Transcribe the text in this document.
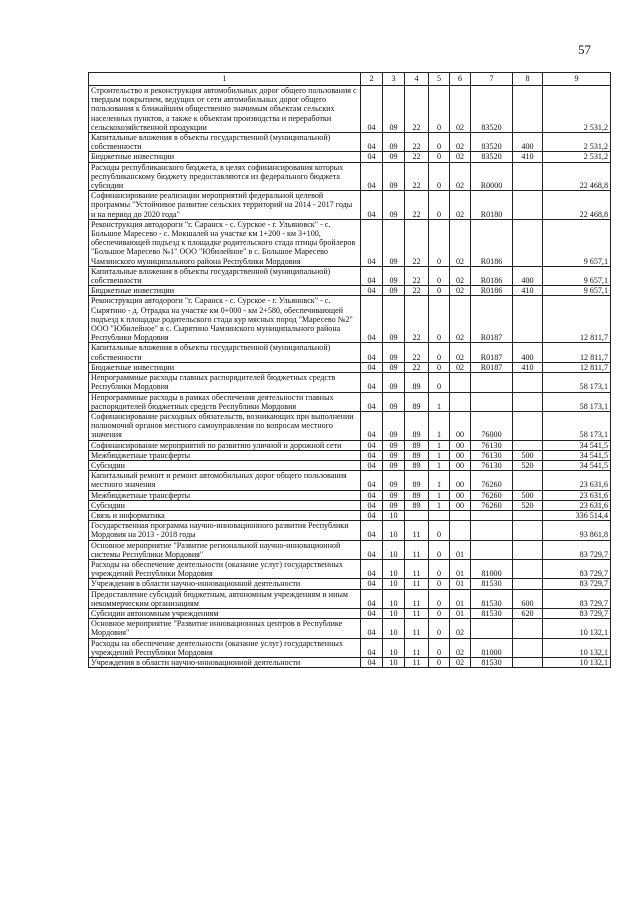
57
1	2	3	4	5	6	7	8	9
Строительство и реконструкция автомобильных дорог общего пользования с твердым покрытием, ведущих от сети автомобильных дорог общего пользования к ближайшим общественно значимым объектам сельских населенных пунктов, а также к объектам производства и переработки сельскохозяйственной продукции	04	09	22	0	02	83520		2 531,2
Капитальные вложения в объекты государственной (муниципальной) собственности	04	09	22	0	02	83520	400	2 531,2
Бюджетные инвестиции	04	09	22	0	02	83520	410	2 531,2
Расходы республиканского бюджета, в целях софинансирования которых республиканскому бюджету предоставляются из федерального бюджета субсидии	04	09	22	0	02	R0000		22 468,8
Софинансирование реализации мероприятий федеральной целевой программы "Устойчивое развитие сельских территорий на 2014 - 2017 годы и на период до 2020 года"	04	09	22	0	02	R0180		22 468,8
Реконструкция автодороги "г. Саранск - с. Сурское - г. Ульяновск" - с. Большое Маресево - с. Мокшалей на участке км 1+200 - км 3+100, обеспечивающей подъезд к площадке родительского стада птицы бройлеров "Большое Маресево №1" ООО "Юбилейное" в с. Большое Маресево Чамзинского муниципального района Республики Мордовия	04	09	22	0	02	R0186		9 657,1
Капитальные вложения в объекты государственной (муниципальной) собственности	04	09	22	0	02	R0186	400	9 657,1
Бюджетные инвестиции	04	09	22	0	02	R0186	410	9 657,1
Реконструкция автодороги "г. Саранск - с. Сурское - г. Ульяновск" - с. Сырятино - д. Отрадка на участке км 0+000 - км 2+580, обеспечивающей подъезд к площадке родительского стада кур мясных пород "Маресево №2" ООО "Юбилейное" в с. Сырятино Чамзинского муниципального района Республики Мордовия	04	09	22	0	02	R0187		12 811,7
Капитальные вложения в объекты государственной (муниципальной) собственности	04	09	22	0	02	R0187	400	12 811,7
Бюджетные инвестиции	04	09	22	0	02	R0187	410	12 811,7
Непрограммные расходы главных распорядителей бюджетных средств Республики Мордовия	04	09	89	0				58 173,1
Непрограммные расходы в рамках обеспечения деятельности главных распорядителей бюджетных средств Республики Мордовия	04	09	89	1				58 173,1
Софинансирование расходных обязательств, возникающих при выполнении полномочий органов местного самоуправления по вопросам местного значения	04	09	89	1	00	76000		58 173,1
Софинансирование мероприятий по развитию уличной и дорожной сети	04	09	89	1	00	76130		34 541,5
Межбюджетные трансферты	04	09	89	1	00	76130	500	34 541,5
Субсидии	04	09	89	1	00	76130	520	34 541,5
Капитальный ремонт и ремонт автомобильных дорог общего пользования местного значения	04	09	89	1	00	76260		23 631,6
Межбюджетные трансферты	04	09	89	1	00	76260	500	23 631,6
Субсидии	04	09	89	1	00	76260	520	23 631,6
Связь и информатика	04	10						336 514,4
Государственная программа научно-инновационного развития Республики Мордовия на 2013 - 2018 годы	04	10	11	0				93 861,8
Основное мероприятие "Развитие региональной научно-инновационной системы Республики Мордовия"	04	10	11	0	01			83 729,7
Расходы на обеспечение деятельности (оказание услуг) государственных учреждений Республики Мордовия	04	10	11	0	01	81000		83 729,7
Учреждения в области научно-инновационной деятельности	04	10	11	0	01	81530		83 729,7
Предоставление субсидий бюджетным, автономным учреждениям и иным некоммерческим организациям	04	10	11	0	01	81530	600	83 729,7
Субсидии автономным учреждениям	04	10	11	0	01	81530	620	83 729,7
Основное мероприятие "Развитие инновационных центров в Республике Мордовия"	04	10	11	0	02			10 132,1
Расходы на обеспечение деятельности (оказание услуг) государственных учреждений Республики Мордовия	04	10	11	0	02	81000		10 132,1
Учреждения в области научно-инновационной деятельности	04	10	11	0	02	81530		10 132,1
